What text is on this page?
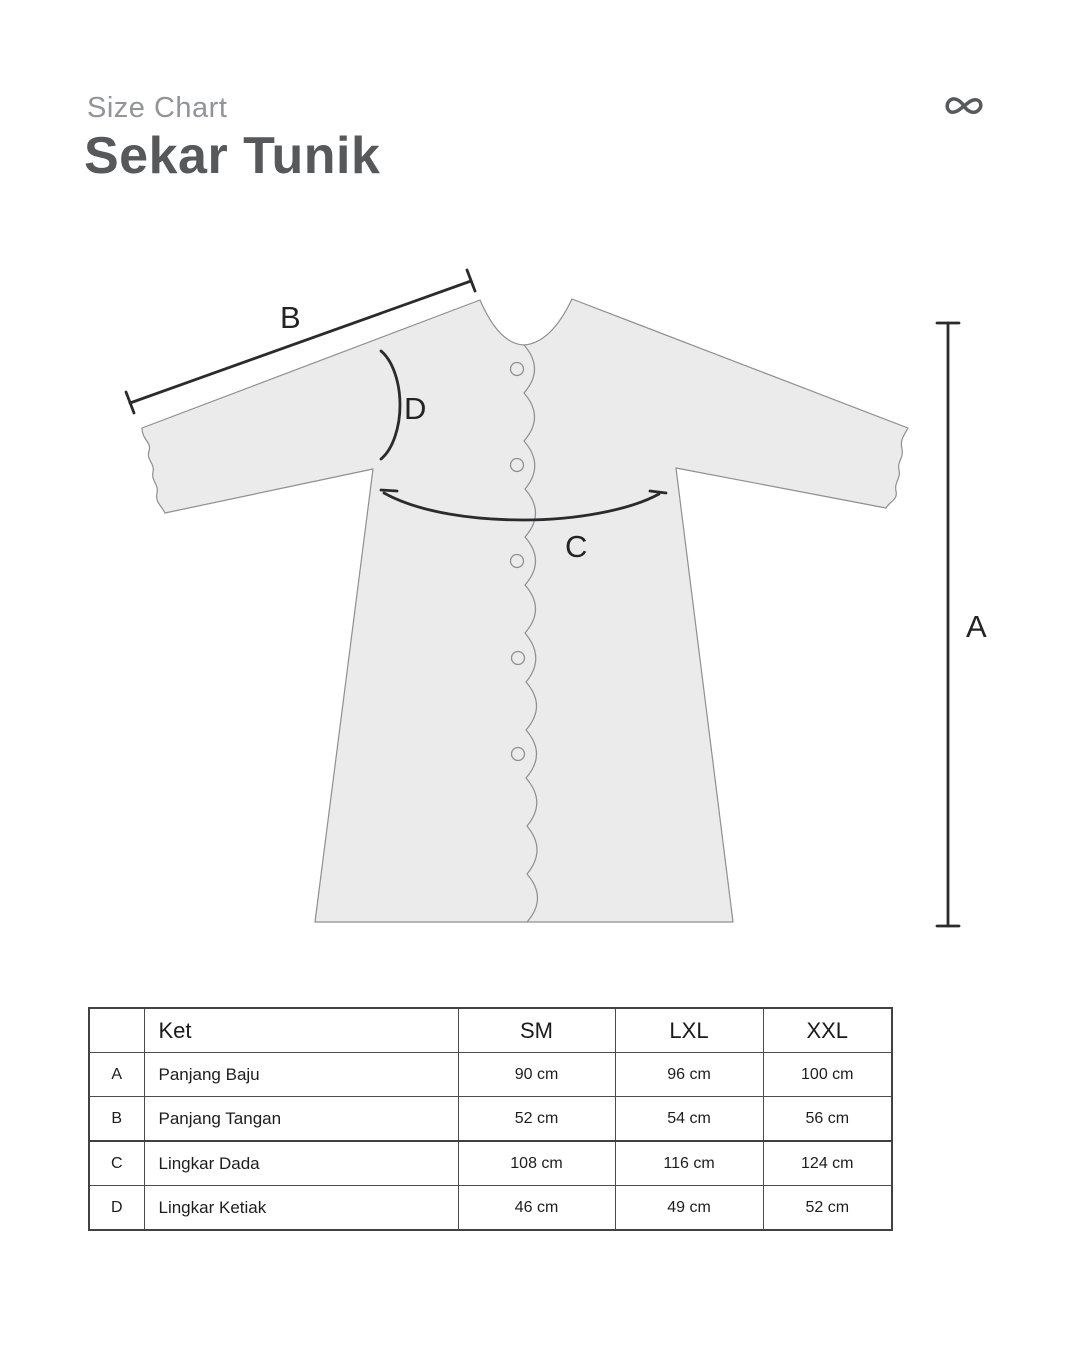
Size Chart
Sekar Tunik
B
D
C
A
	Ket	SM	LXL	XXL
A	Panjang Baju	90 cm	96 cm	100 cm
B	Panjang Tangan	52 cm	54 cm	56 cm
C	Lingkar Dada	108 cm	116 cm	124 cm
D	Lingkar Ketiak	46 cm	49 cm	52 cm
